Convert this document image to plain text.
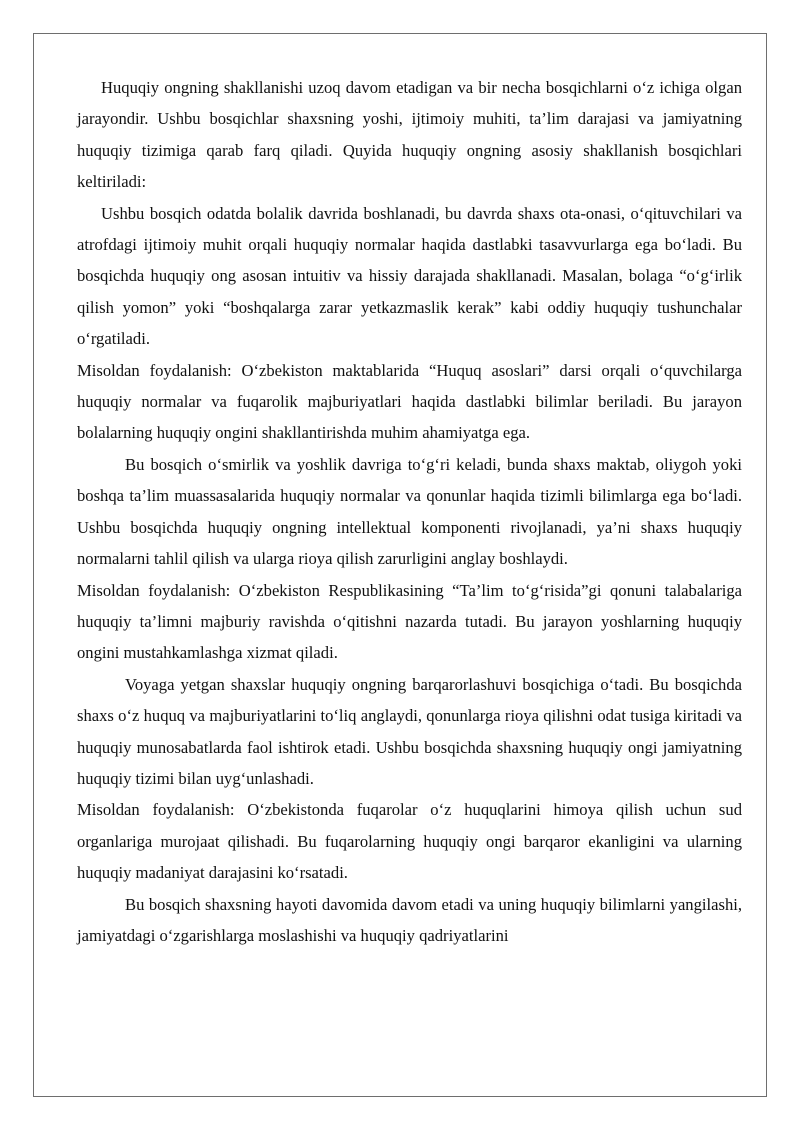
Huquqiy ongning shakllanishi uzoq davom etadigan va bir necha bosqichlarni o‘z ichiga olgan jarayondir. Ushbu bosqichlar shaxsning yoshi, ijtimoiy muhiti, ta’lim darajasi va jamiyatning huquqiy tizimiga qarab farq qiladi. Quyida huquqiy ongning asosiy shakllanish bosqichlari keltiriladi:

Ushbu bosqich odatda bolalik davrida boshlanadi, bu davrda shaxs ota-onasi, o‘qituvchilari va atrofdagi ijtimoiy muhit orqali huquqiy normalar haqida dastlabki tasavvurlarga ega bo‘ladi. Bu bosqichda huquqiy ong asosan intuitiv va hissiy darajada shakllanadi. Masalan, bolaga “o‘g‘irlik qilish yomon” yoki “boshqalarga zarar yetkazmaslik kerak” kabi oddiy huquqiy tushunchalar o‘rgatiladi.

Misoldan foydalanish: O‘zbekiston maktablarida “Huquq asoslari” darsi orqali o‘quvchilarga huquqiy normalar va fuqarolik majburiyatlari haqida dastlabki bilimlar beriladi. Bu jarayon bolalarning huquqiy ongini shakllantirishda muhim ahamiyatga ega.

Bu bosqich o‘smirlik va yoshlik davriga to‘g‘ri keladi, bunda shaxs maktab, oliygoh yoki boshqa ta’lim muassasalarida huquqiy normalar va qonunlar haqida tizimli bilimlarga ega bo‘ladi. Ushbu bosqichda huquqiy ongning intellektual komponenti rivojlanadi, ya’ni shaxs huquqiy normalarni tahlil qilish va ularga rioya qilish zarurligini anglay boshlaydi.

Misoldan foydalanish: O‘zbekiston Respublikasining “Ta’lim to‘g‘risida”gi qonuni talabalariga huquqiy ta’limni majburiy ravishda o‘qitishni nazarda tutadi. Bu jarayon yoshlarning huquqiy ongini mustahkamlashga xizmat qiladi.

Voyaga yetgan shaxslar huquqiy ongning barqarorlashuvi bosqichiga o‘tadi. Bu bosqichda shaxs o‘z huquq va majburiyatlarini to‘liq anglaydi, qonunlarga rioya qilishni odat tusiga kiritadi va huquqiy munosabatlarda faol ishtirok etadi. Ushbu bosqichda shaxsning huquqiy ongi jamiyatning huquqiy tizimi bilan uyg‘unlashadi.

Misoldan foydalanish: O‘zbekistonda fuqarolar o‘z huquqlarini himoya qilish uchun sud organlariga murojaat qilishadi. Bu fuqarolarning huquqiy ongi barqaror ekanligini va ularning huquqiy madaniyat darajasini ko‘rsatadi.

Bu bosqich shaxsning hayoti davomida davom etadi va uning huquqiy bilimlarni yangilashi, jamiyatdagi o‘zgarishlarga moslashishi va huquqiy qadriyatlarini
